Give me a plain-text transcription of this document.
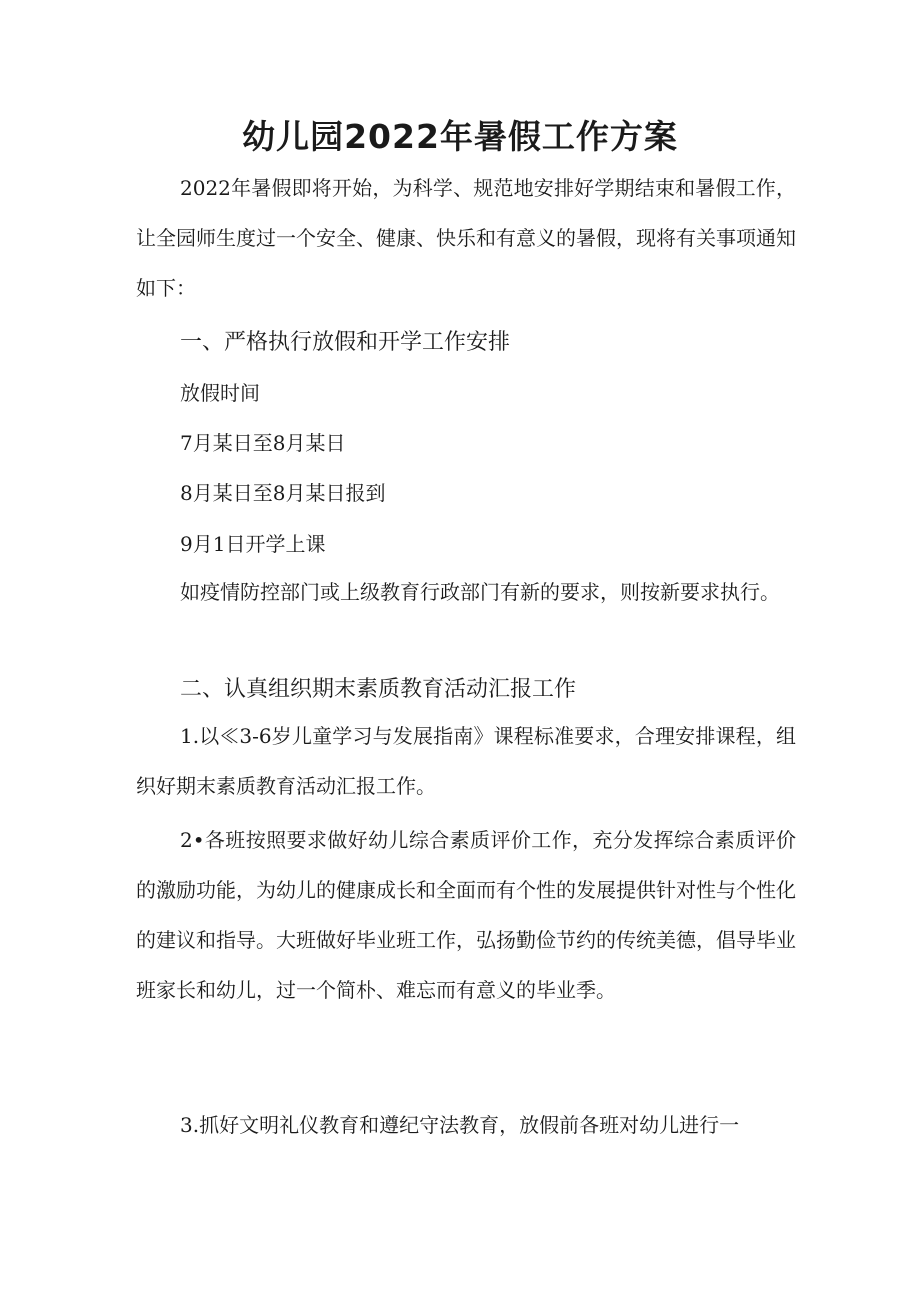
幼儿园2022年暑假工作方案
2022年暑假即将开始，为科学、规范地安排好学期结束和暑假工作，让全园师生度过一个安全、健康、快乐和有意义的暑假，现将有关事项通知如下：
一、严格执行放假和开学工作安排
放假时间
7月某日至8月某日
8月某日至8月某日报到
9月1日开学上课
如疫情防控部门或上级教育行政部门有新的要求，则按新要求执行。
二、认真组织期末素质教育活动汇报工作
1.以≪3-6岁儿童学习与发展指南》课程标准要求，合理安排课程，组织好期末素质教育活动汇报工作。
2•各班按照要求做好幼儿综合素质评价工作，充分发挥综合素质评价的激励功能，为幼儿的健康成长和全面而有个性的发展提供针对性与个性化的建议和指导。大班做好毕业班工作，弘扬勤俭节约的传统美德，倡导毕业班家长和幼儿，过一个简朴、难忘而有意义的毕业季。
3.抓好文明礼仪教育和遵纪守法教育，放假前各班对幼儿进行一
